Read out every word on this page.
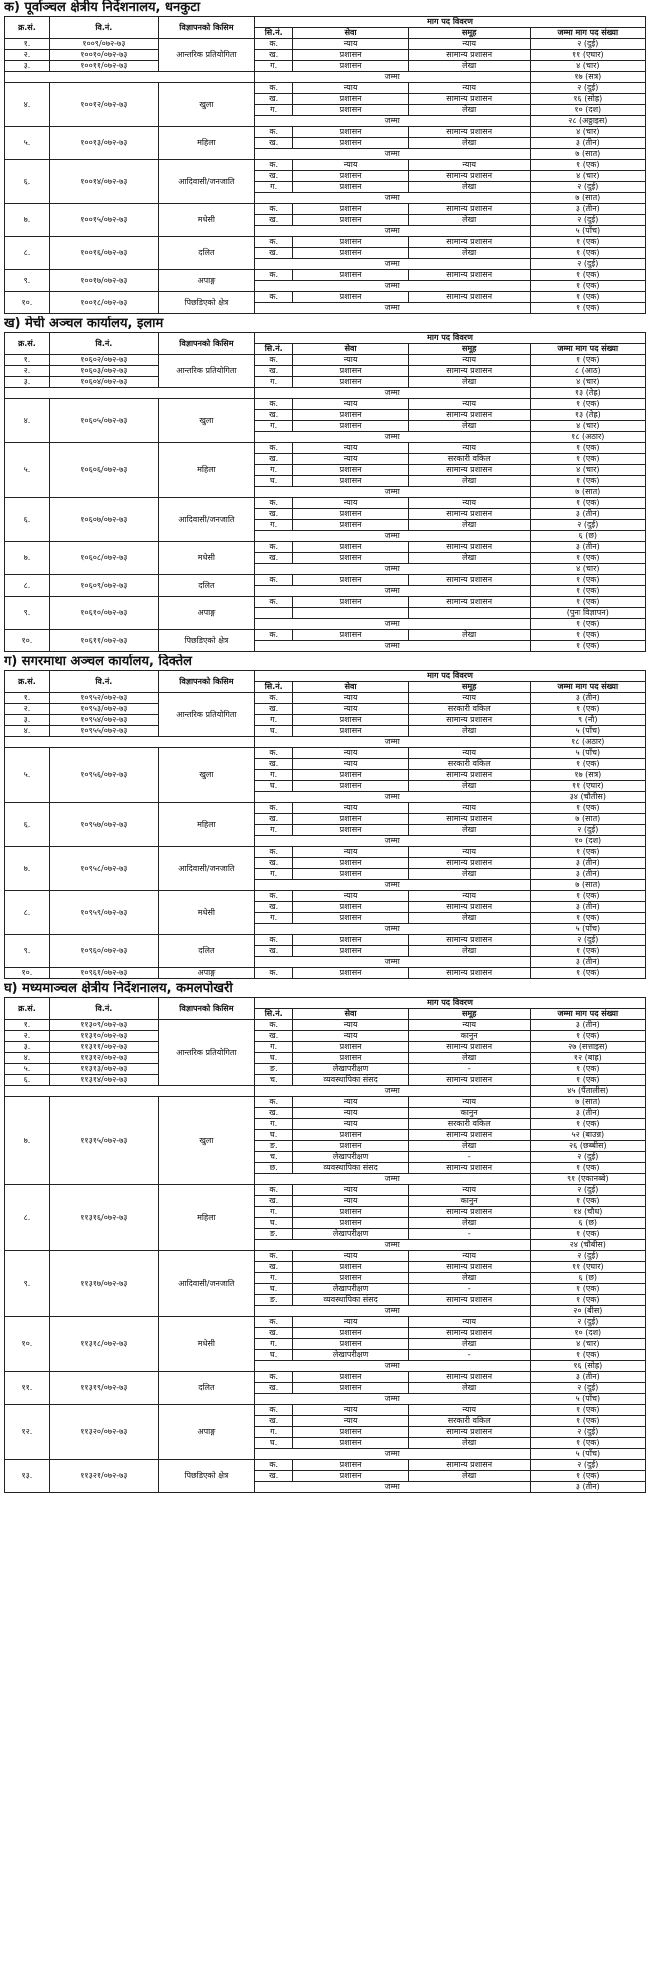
क) पूर्वाञ्चल क्षेत्रीय निर्देशनालय, धनकुटा
क्र.सं.	वि.नं.	विज्ञापनको किसिम	माग पद विवरण			
			सि.नं.	सेवा	समूह	जम्मा माग पद संख्या
१.	१००९/०७२-७३	आन्तरिक प्रतियोगिता	क.	न्याय	न्याय	२ (दुई)
२.	१००१०/०७२-७३		ख.	प्रशासन	सामान्य प्रशासन	११ (एघार)
३.	१००११/०७२-७३		ग.	प्रशासन	लेखा	४ (चार)
			जम्मा			१७ (सत्र)
४.	१००१२/०७२-७३	खुला	क.	न्याय	न्याय	२ (दुई)
			ख.	प्रशासन	सामान्य प्रशासन	१६ (सोह्र)
			ग.	प्रशासन	लेखा	१० (दश)
			जम्मा			२८ (अठ्ठाइस)
५.	१००१३/०७२-७३	महिला	क.	प्रशासन	सामान्य प्रशासन	४ (चार)
			ख.	प्रशासन	लेखा	३ (तीन)
			जम्मा			७ (सात)
६.	१००१४/०७२-७३	आदिवासी/जनजाति	क.	न्याय	न्याय	१ (एक)
			ख.	प्रशासन	सामान्य प्रशासन	४ (चार)
			ग.	प्रशासन	लेखा	२ (दुई)
			जम्मा			७ (सात)
७.	१००१५/०७२-७३	मधेसी	क.	प्रशासन	सामान्य प्रशासन	३ (तीन)
			ख.	प्रशासन	लेखा	२ (दुई)
			जम्मा			५ (पाँच)
८.	१००१६/०७२-७३	दलित	क.	प्रशासन	सामान्य प्रशासन	१ (एक)
			ख.	प्रशासन	लेखा	१ (एक)
			जम्मा			२ (दुई)
९.	१००१७/०७२-७३	अपाङ्ग	क.	प्रशासन	सामान्य प्रशासन	१ (एक)
			जम्मा			१ (एक)
१०.	१००१८/०७२-७३	पिछडिएको क्षेत्र	क.	प्रशासन	सामान्य प्रशासन	१ (एक)
			जम्मा			१ (एक)
ख) मेची अञ्चल कार्यालय, इलाम
क्र.सं.	वि.नं.	विज्ञापनको किसिम	माग पद विवरण			
			सि.नं.	सेवा	समूह	जम्मा माग पद संख्या
१.	१०६०२/०७२-७३	आन्तरिक प्रतियोगिता	क.	न्याय	न्याय	१ (एक)
२.	१०६०३/०७२-७३		ख.	प्रशासन	सामान्य प्रशासन	८ (आठ)
३.	१०६०४/०७२-७३		ग.	प्रशासन	लेखा	४ (चार)
			जम्मा			१३ (तेह्र)
४.	१०६०५/०७२-७३	खुला	क.	न्याय	न्याय	१ (एक)
			ख.	प्रशासन	सामान्य प्रशासन	१३ (तेह्र)
			ग.	प्रशासन	लेखा	४ (चार)
			जम्मा			१८ (अठार)
५.	१०६०६/०७२-७३	महिला	क.	न्याय	न्याय	१ (एक)
			ख.	न्याय	सरकारी वकिल	१ (एक)
			ग.	प्रशासन	सामान्य प्रशासन	४ (चार)
			घ.	प्रशासन	लेखा	१ (एक)
			जम्मा			७ (सात)
६.	१०६०७/०७२-७३	आदिवासी/जनजाति	क.	न्याय	न्याय	१ (एक)
			ख.	प्रशासन	सामान्य प्रशासन	३ (तीन)
			ग.	प्रशासन	लेखा	२ (दुई)
			जम्मा			६ (छ)
७.	१०६०८/०७२-७३	मधेसी	क.	प्रशासन	सामान्य प्रशासन	३ (तीन)
			ख.	प्रशासन	लेखा	१ (एक)
			जम्मा			४ (चार)
८.	१०६०९/०७२-७३	दलित	क.	प्रशासन	सामान्य प्रशासन	१ (एक)
			जम्मा			१ (एक)
९.	१०६१०/०७२-७३	अपाङ्ग	क.	प्रशासन	सामान्य प्रशासन	१ (एक)
						(पुनः विज्ञापन)
			जम्मा			१ (एक)
१०.	१०६११/०७२-७३	पिछडिएको क्षेत्र	क.	प्रशासन	लेखा	१ (एक)
			जम्मा			१ (एक)
ग) सगरमाथा अञ्चल कार्यालय, दिक्तेल
क्र.सं.	वि.नं.	विज्ञापनको किसिम	माग पद विवरण			
			सि.नं.	सेवा	समूह	जम्मा माग पद संख्या
१.	१०९५२/०७२-७३	आन्तरिक प्रतियोगिता	क.	न्याय	न्याय	३ (तीन)
२.	१०९५३/०७२-७३		ख.	न्याय	सरकारी वकिल	१ (एक)
३.	१०९५४/०७२-७३		ग.	प्रशासन	सामान्य प्रशासन	९ (नौ)
४.	१०९५५/०७२-७३		घ.	प्रशासन	लेखा	५ (पाँच)
			जम्मा			१८ (अठार)
५.	१०९५६/०७२-७३	खुला	क.	न्याय	न्याय	५ (पाँच)
			ख.	न्याय	सरकारी वकिल	१ (एक)
			ग.	प्रशासन	सामान्य प्रशासन	१७ (सत्र)
			घ.	प्रशासन	लेखा	११ (एघार)
			जम्मा			३४ (चौतीस)
६.	१०९५७/०७२-७३	महिला	क.	न्याय	न्याय	१ (एक)
			ख.	प्रशासन	सामान्य प्रशासन	७ (सात)
			ग.	प्रशासन	लेखा	२ (दुई)
			जम्मा			१० (दश)
७.	१०९५८/०७२-७३	आदिवासी/जनजाति	क.	न्याय	न्याय	१ (एक)
			ख.	प्रशासन	सामान्य प्रशासन	३ (तीन)
			ग.	प्रशासन	लेखा	३ (तीन)
			जम्मा			७ (सात)
८.	१०९५९/०७२-७३	मधेसी	क.	न्याय	न्याय	१ (एक)
			ख.	प्रशासन	सामान्य प्रशासन	३ (तीन)
			ग.	प्रशासन	लेखा	१ (एक)
			जम्मा			५ (पाँच)
९.	१०९६०/०७२-७३	दलित	क.	प्रशासन	सामान्य प्रशासन	२ (दुई)
			ख.	प्रशासन	लेखा	१ (एक)
			जम्मा			३ (तीन)
१०.	१०९६१/०७२-७३	अपाङ्ग	क.	प्रशासन	सामान्य प्रशासन	१ (एक)
घ) मध्यमाञ्चल क्षेत्रीय निर्देशनालय, कमलपोखरी
क्र.सं.	वि.नं.	विज्ञापनको किसिम	माग पद विवरण			
			सि.नं.	सेवा	समूह	जम्मा माग पद संख्या
१.	११३०९/०७२-७३	आन्तरिक प्रतियोगिता	क.	न्याय	न्याय	३ (तीन)
२.	११३१०/०७२-७३		ख.	न्याय	कानुन	१ (एक)
३.	११३११/०७२-७३		ग.	प्रशासन	सामान्य प्रशासन	२७ (सत्ताइस)
४.	११३१२/०७२-७३		घ.	प्रशासन	लेखा	१२ (बाह्र)
५.	११३१३/०७२-७३		ङ.	लेखापरीक्षण	-	१ (एक)
६.	११३१४/०७२-७३		च.	व्यवस्थापिका संसद	सामान्य प्रशासन	१ (एक)
			जम्मा			४५ (पैंतालीस)
७.	११३१५/०७२-७३	खुला	क.	न्याय	न्याय	७ (सात)
			ख.	न्याय	कानुन	३ (तीन)
			ग.	न्याय	सरकारी वकिल	१ (एक)
			घ.	प्रशासन	सामान्य प्रशासन	५२ (बाउन्न)
			ङ.	प्रशासन	लेखा	२६ (छब्बीस)
			च.	लेखापरीक्षण	-	२ (दुई)
			छ.	व्यवस्थापिका संसद	सामान्य प्रशासन	१ (एक)
			जम्मा			९१ (एकानब्बे)
८.	११३१६/०७२-७३	महिला	क.	न्याय	न्याय	२ (दुई)
			ख.	न्याय	कानुन	१ (एक)
			ग.	प्रशासन	सामान्य प्रशासन	१४ (चौध)
			घ.	प्रशासन	लेखा	६ (छ)
			ङ.	लेखापरीक्षण	-	१ (एक)
			जम्मा			२४ (चौबीस)
९.	११३१७/०७२-७३	आदिवासी/जनजाति	क.	न्याय	न्याय	२ (दुई)
			ख.	प्रशासन	सामान्य प्रशासन	११ (एघार)
			ग.	प्रशासन	लेखा	६ (छ)
			घ.	लेखापरीक्षण	-	१ (एक)
			ङ.	व्यवस्थापिका संसद	सामान्य प्रशासन	१ (एक)
			जम्मा			२० (बीस)
१०.	११३१८/०७२-७३	मधेसी	क.	न्याय	न्याय	२ (दुई)
			ख.	प्रशासन	सामान्य प्रशासन	१० (दश)
			ग.	प्रशासन	लेखा	४ (चार)
			घ.	लेखापरीक्षण	-	१ (एक)
			जम्मा			१६ (सोह्र)
११.	११३१९/०७२-७३	दलित	क.	प्रशासन	सामान्य प्रशासन	३ (तीन)
			ख.	प्रशासन	लेखा	२ (दुई)
			जम्मा			५ (पाँच)
१२.	११३२०/०७२-७३	अपाङ्ग	क.	न्याय	न्याय	१ (एक)
			ख.	न्याय	सरकारी वकिल	१ (एक)
			ग.	प्रशासन	सामान्य प्रशासन	२ (दुई)
			घ.	प्रशासन	लेखा	१ (एक)
			जम्मा			५ (पाँच)
१३.	११३२१/०७२-७३	पिछडिएको क्षेत्र	क.	प्रशासन	सामान्य प्रशासन	२ (दुई)
			ख.	प्रशासन	लेखा	१ (एक)
			जम्मा			३ (तीन)
